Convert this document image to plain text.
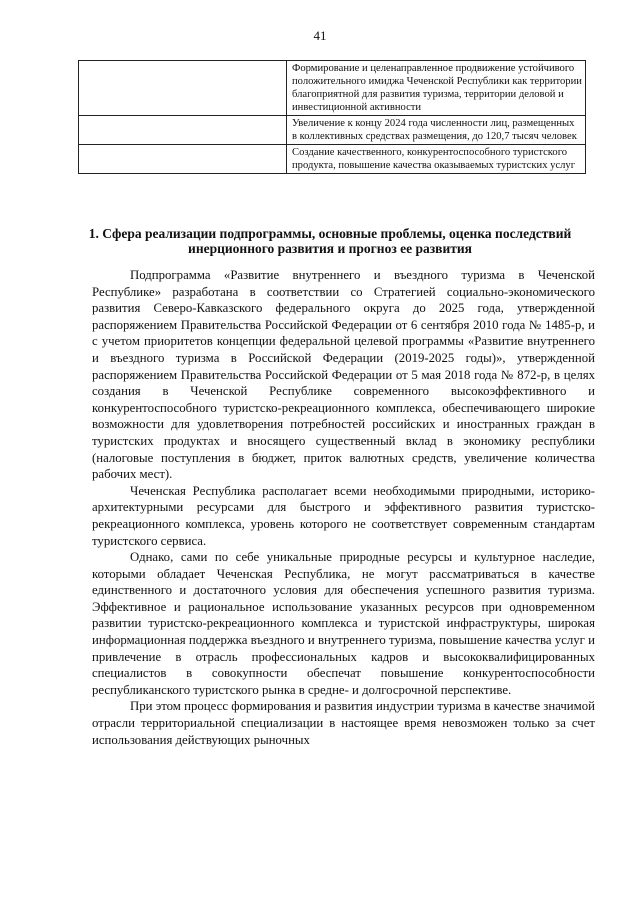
41
	Формирование и целенаправленное продвижение устойчивого положительного имиджа Чеченской Республики как территории благоприятной для развития туризма, территории деловой и инвестиционной активности
	Увеличение к концу 2024 года численности лиц, размещенных в коллективных средствах размещения, до 120,7 тысяч человек
	Создание качественного, конкурентоспособного туристского продукта, повышение качества оказываемых туристских услуг
1. Сфера реализации подпрограммы, основные проблемы, оценка последствий инерционного развития и прогноз ее развития

Подпрограмма «Развитие внутреннего и въездного туризма в Чеченской Республике» разработана в соответствии со Стратегией социально-экономического развития Северо-Кавказского федерального округа до 2025 года, утвержденной распоряжением Правительства Российской Федерации от 6 сентября 2010 года № 1485-р, и с учетом приоритетов концепции федеральной целевой программы «Развитие внутреннего и въездного туризма в Российской Федерации (2019-2025 годы)», утвержденной распоряжением Правительства Российской Федерации от 5 мая 2018 года № 872-р, в целях создания в Чеченской Республике современного высокоэффективного и конкурентоспособного туристско-рекреационного комплекса, обеспечивающего широкие возможности для удовлетворения потребностей российских и иностранных граждан в туристских продуктах и вносящего существенный вклад в экономику республики (налоговые поступления в бюджет, приток валютных средств, увеличение количества рабочих мест).

Чеченская Республика располагает всеми необходимыми природными, историко-архитектурными ресурсами для быстрого и эффективного развития туристско-рекреационного комплекса, уровень которого не соответствует современным стандартам туристского сервиса.

Однако, сами по себе уникальные природные ресурсы и культурное наследие, которыми обладает Чеченская Республика, не могут рассматриваться в качестве единственного и достаточного условия для обеспечения успешного развития туризма. Эффективное и рациональное использование указанных ресурсов при одновременном развитии туристско-рекреационного комплекса и туристской инфраструктуры, широкая информационная поддержка въездного и внутреннего туризма, повышение качества услуг и привлечение в отрасль профессиональных кадров и высококвалифицированных специалистов в совокупности обеспечат повышение конкурентоспособности республиканского туристского рынка в средне- и долгосрочной перспективе.

При этом процесс формирования и развития индустрии туризма в качестве значимой отрасли территориальной специализации в настоящее время невозможен только за счет использования действующих рыночных
